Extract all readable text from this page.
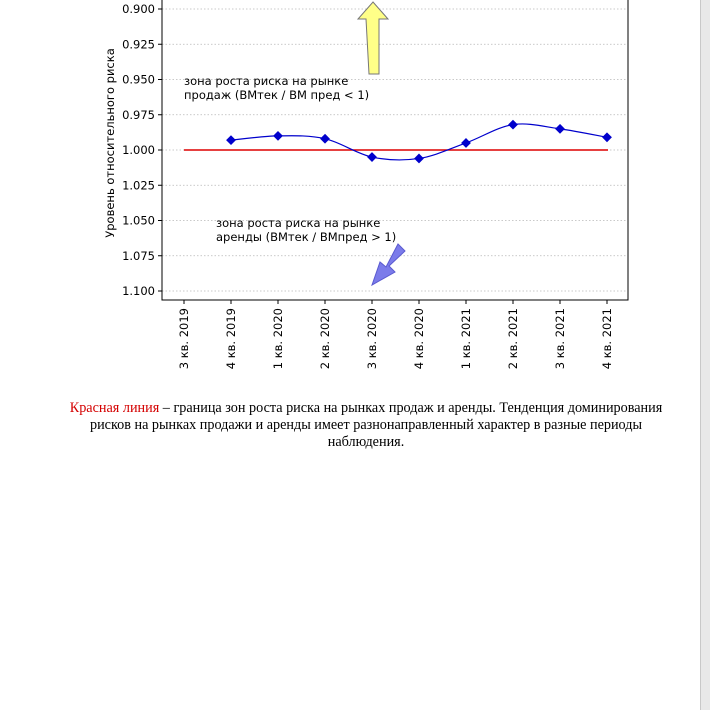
0.900
0.925
0.950
0.975
1.000
1.025
1.050
1.075
1.100
3 кв. 2019	4 кв. 2019	1 кв. 2020	2 кв. 2020	3 кв. 2020	4 кв. 2020	1 кв. 2021	2 кв. 2021	3 кв. 2021	4 кв. 2021
Уровень относительного риска	зона роста риска на рынке
продаж (ВМтек / ВМ пред < 1)
зона роста риска на рынке
аренды (ВМтек / ВМпред > 1)
Красная линия – граница зон роста риска на рынках продаж и аренды. Тенденция доминирования рисков на рынках продажи и аренды имеет разнонаправленный характер в разные периоды наблюдения.
